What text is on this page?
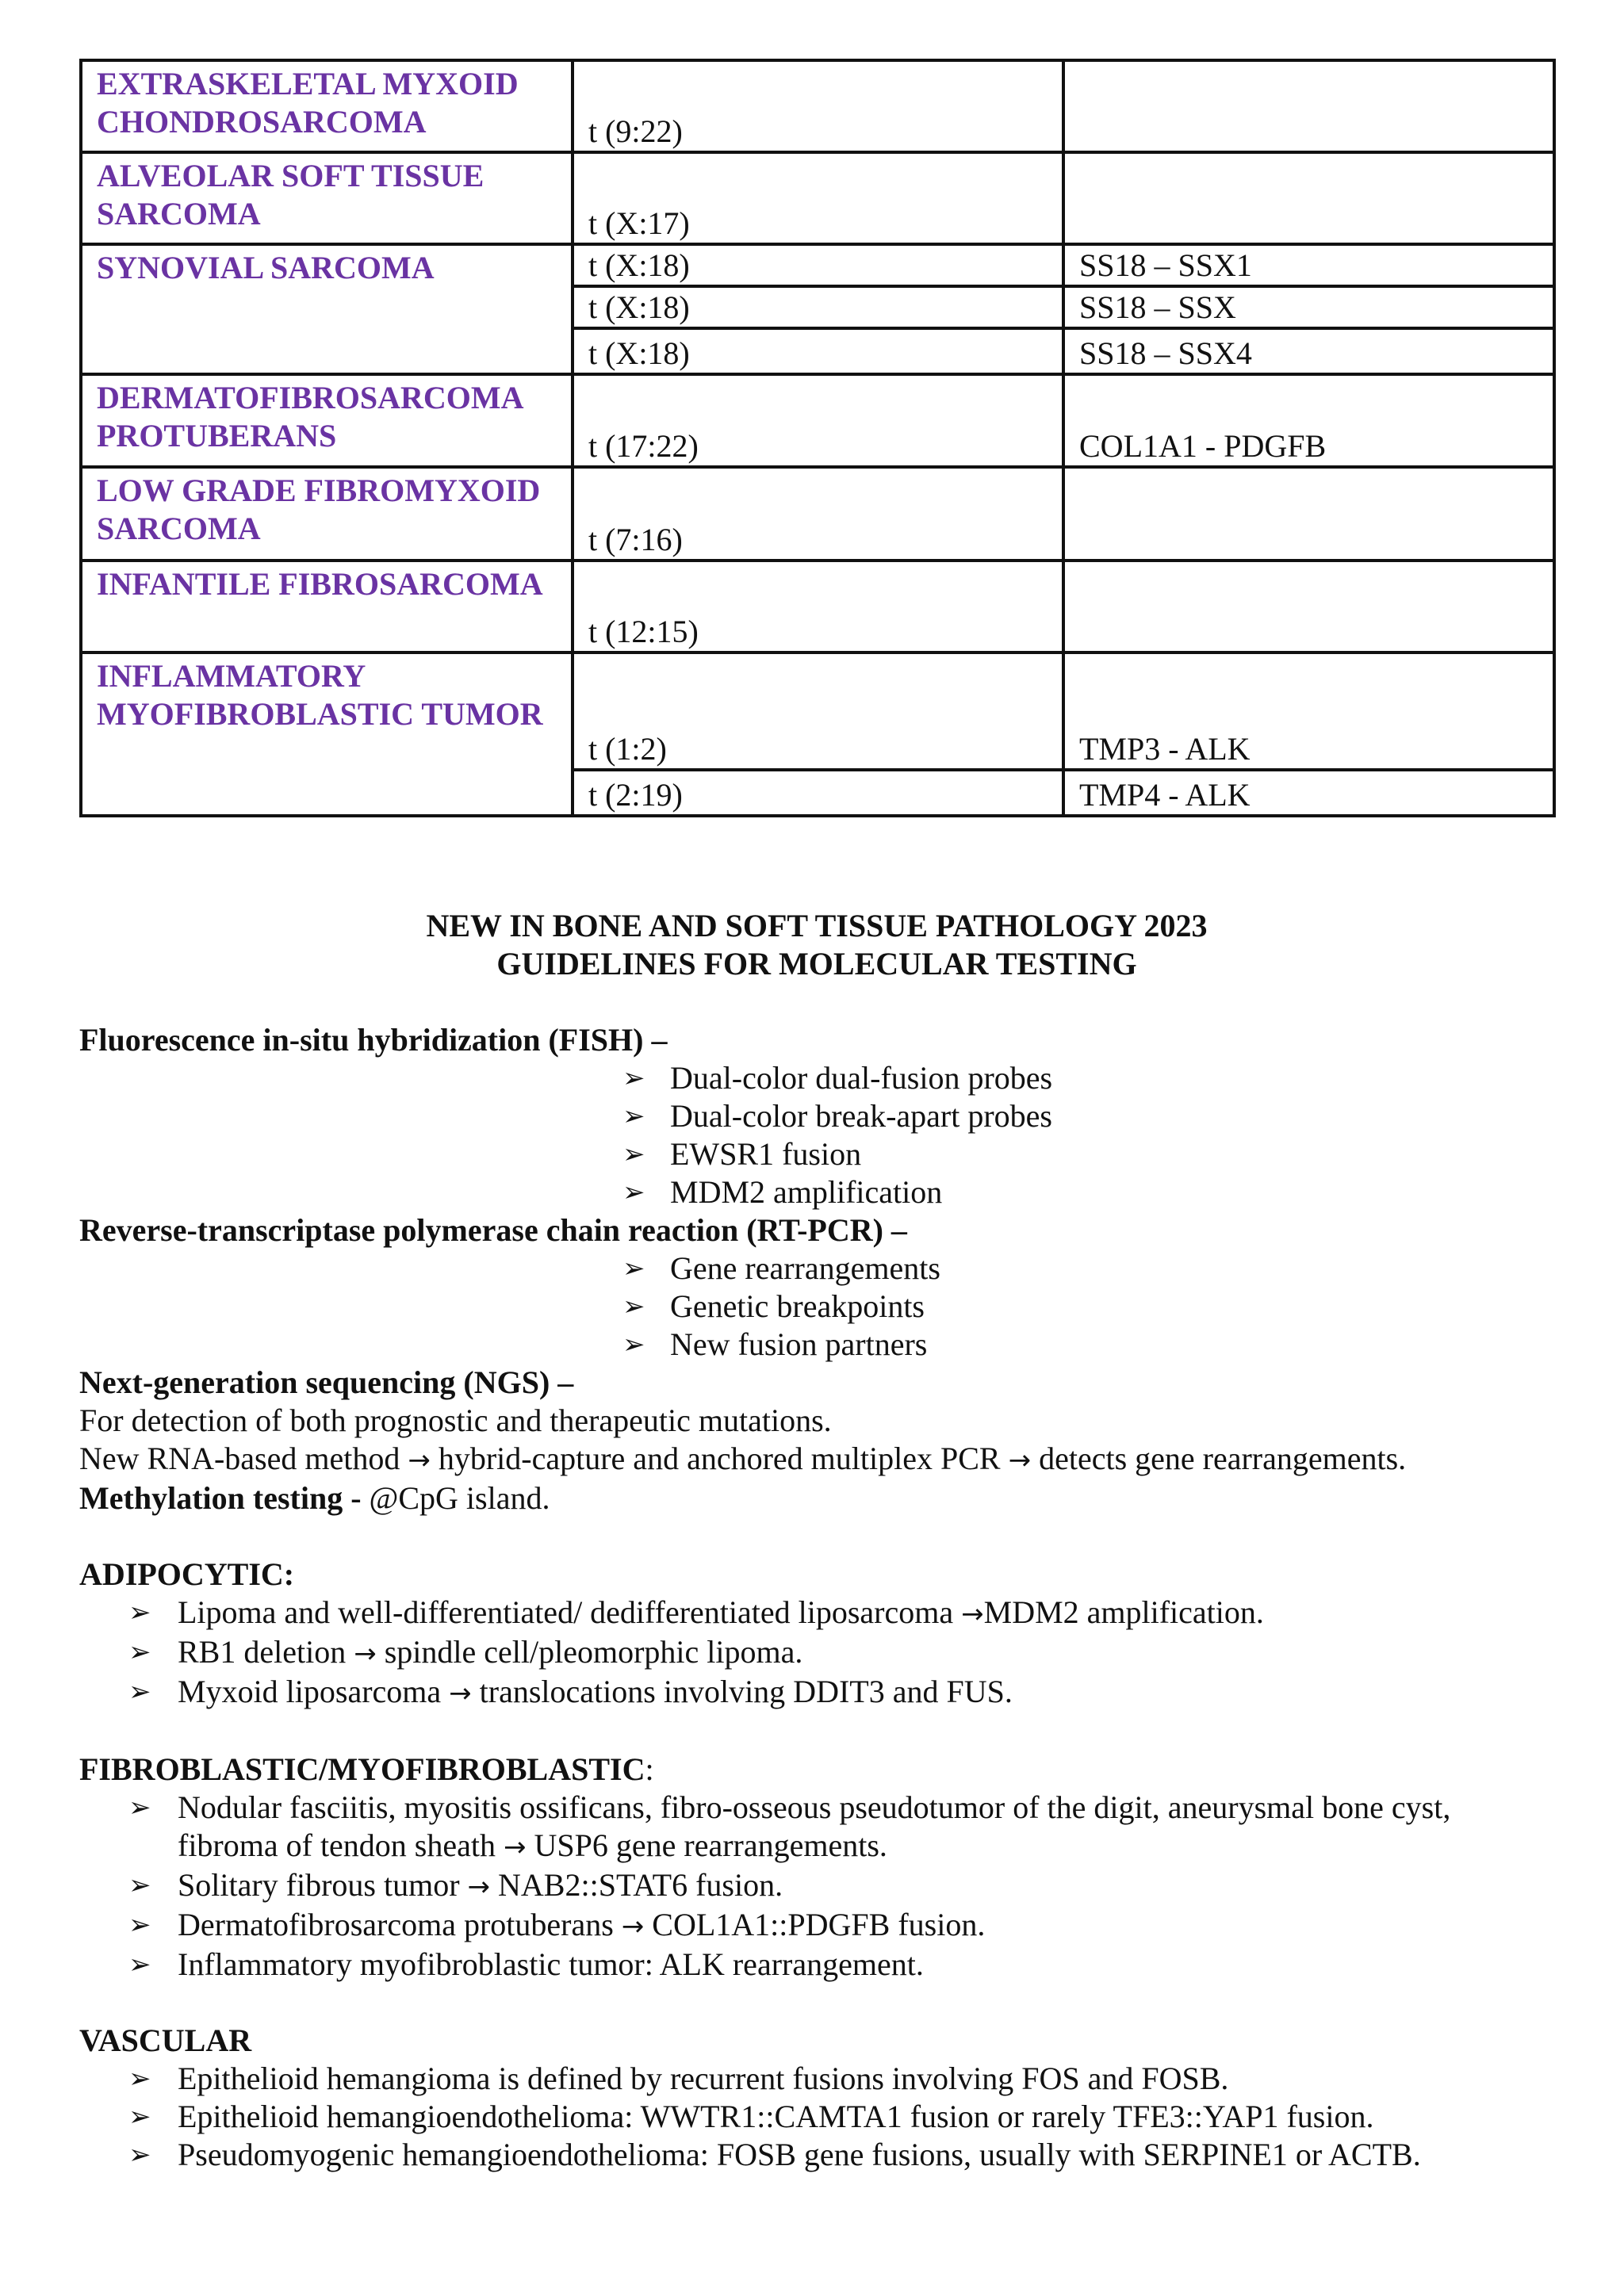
EXTRASKELETAL MYXOID CHONDROSARCOMA	t (9:22)	
ALVEOLAR SOFT TISSUE SARCOMA	t (X:17)	
SYNOVIAL SARCOMA	t (X:18)	SS18 – SSX1
	t (X:18)	SS18 – SSX
	t (X:18)	SS18 – SSX4
DERMATOFIBROSARCOMA PROTUBERANS	t (17:22)	COL1A1 - PDGFB
LOW GRADE FIBROMYXOID SARCOMA	t (7:16)	
INFANTILE FIBROSARCOMA	t (12:15)	
INFLAMMATORY MYOFIBROBLASTIC TUMOR	t (1:2)	TMP3 - ALK
	t (2:19)	TMP4 - ALK
NEW IN BONE AND SOFT TISSUE PATHOLOGY 2023
GUIDELINES FOR MOLECULAR TESTING
Fluorescence in-situ hybridization (FISH) –
➢ Dual-color dual-fusion probes
➢ Dual-color break-apart probes
➢ EWSR1 fusion
➢ MDM2 amplification
Reverse-transcriptase polymerase chain reaction (RT-PCR) –
➢ Gene rearrangements
➢ Genetic breakpoints
➢ New fusion partners
Next-generation sequencing (NGS) –
For detection of both prognostic and therapeutic mutations.
New RNA-based method → hybrid-capture and anchored multiplex PCR → detects gene rearrangements.
Methylation testing - @CpG island.
ADIPOCYTIC:
➢ Lipoma and well-differentiated/ dedifferentiated liposarcoma →MDM2 amplification.
➢ RB1 deletion → spindle cell/pleomorphic lipoma.
➢ Myxoid liposarcoma → translocations involving DDIT3 and FUS.
FIBROBLASTIC/MYOFIBROBLASTIC:
➢ Nodular fasciitis, myositis ossificans, fibro-osseous pseudotumor of the digit, aneurysmal bone cyst,
fibroma of tendon sheath → USP6 gene rearrangements.
➢ Solitary fibrous tumor → NAB2::STAT6 fusion.
➢ Dermatofibrosarcoma protuberans → COL1A1::PDGFB fusion.
➢ Inflammatory myofibroblastic tumor: ALK rearrangement.
VASCULAR
➢ Epithelioid hemangioma is defined by recurrent fusions involving FOS and FOSB.
➢ Epithelioid hemangioendothelioma: WWTR1::CAMTA1 fusion or rarely TFE3::YAP1 fusion.
➢ Pseudomyogenic hemangioendothelioma: FOSB gene fusions, usually with SERPINE1 or ACTB.
